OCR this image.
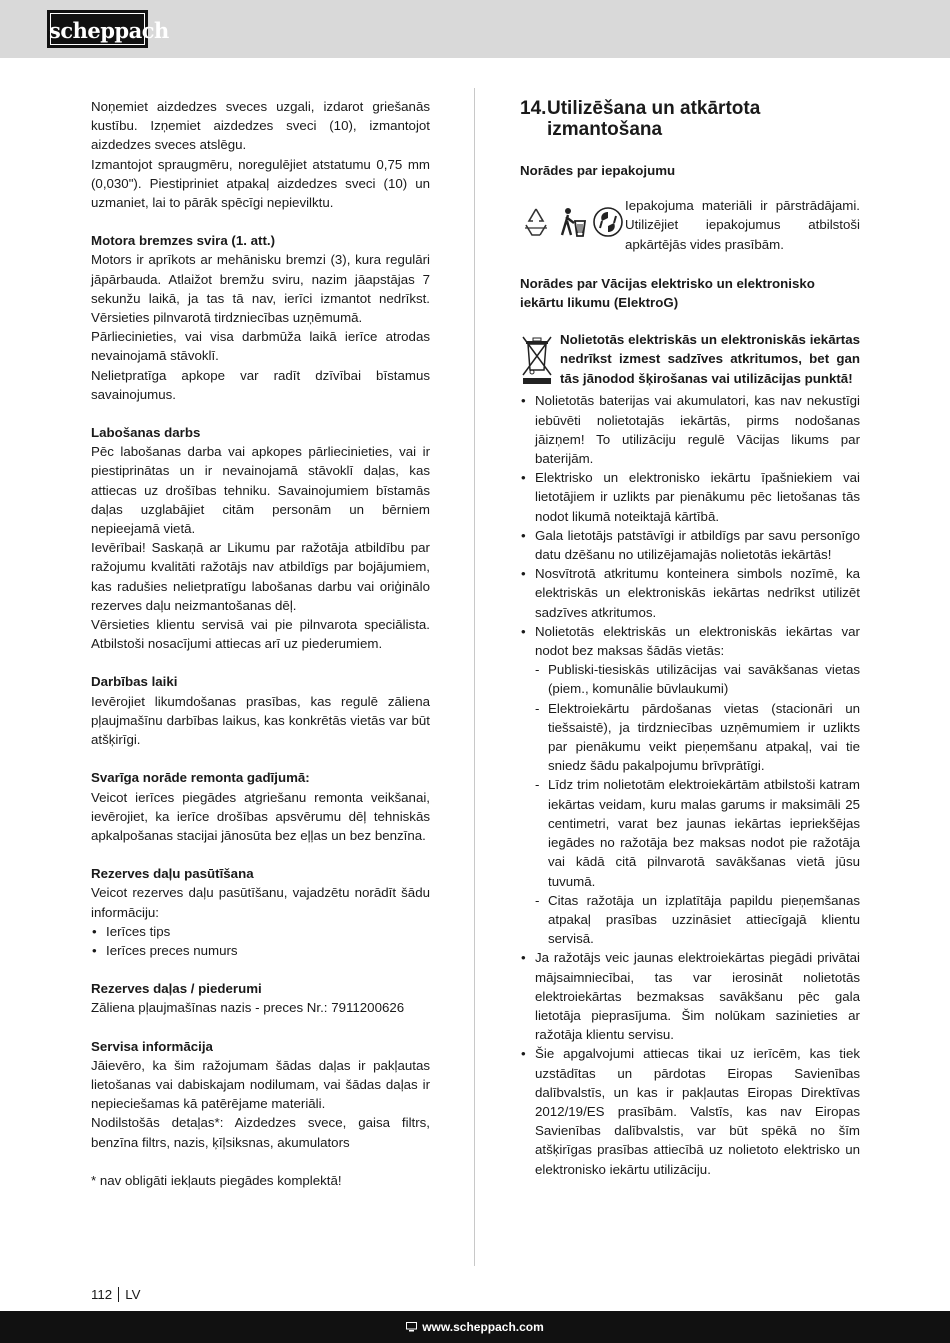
scheppach

Noņemiet aizdedzes sveces uzgali, izdarot griešanās kustību. Izņemiet aizdedzes sveci (10), izmantojot aizdedzes sveces atslēgu.

Izmantojot spraugmēru, noregulējiet atstatumu 0,75 mm (0,030"). Piestipriniet atpakaļ aizdedzes sveci (10) un uzmaniet, lai to pārāk spēcīgi nepievilktu.

Motora bremzes svira (1. att.)

Motors ir aprīkots ar mehānisku bremzi (3), kura regulāri jāpārbauda. Atlaižot bremžu sviru, nazim jāapstājas 7 sekunžu laikā, ja tas tā nav, ierīci izmantot nedrīkst. Vērsieties pilnvarotā tirdzniecības uzņēmumā.

Pārliecinieties, vai visa darbmūža laikā ierīce atrodas nevainojamā stāvoklī.

Nelietpratīga apkope var radīt dzīvībai bīstamus savainojumus.

Labošanas darbs

Pēc labošanas darba vai apkopes pārliecinieties, vai ir piestiprinātas un ir nevainojamā stāvoklī daļas, kas attiecas uz drošības tehniku. Savainojumiem bīstamās daļas uzglabājiet citām personām un bērniem nepieejamā vietā.

Ievērībai! Saskaņā ar Likumu par ražotāja atbildību par ražojumu kvalitāti ražotājs nav atbildīgs par bojājumiem, kas radušies nelietpratīgu labošanas darbu vai oriģinālo rezerves daļu neizmantošanas dēļ.

Vērsieties klientu servisā vai pie pilnvarota speciālista. Atbilstoši nosacījumi attiecas arī uz piederumiem.

Darbības laiki

Ievērojiet likumdošanas prasības, kas regulē zāliena pļaujmašīnu darbības laikus, kas konkrētās vietās var būt atšķirīgi.

Svarīga norāde remonta gadījumā:

Veicot ierīces piegādes atgriešanu remonta veikšanai, ievērojiet, ka ierīce drošības apsvērumu dēļ tehniskās apkalpošanas stacijai jānosūta bez eļļas un bez benzīna.

Rezerves daļu pasūtīšana

Veicot rezerves daļu pasūtīšanu, vajadzētu norādīt šādu informāciju:

• Ierīces tips
• Ierīces preces numurs
Rezerves daļas / piederumi

Zāliena pļaujmašīnas nazis - preces Nr.: 7911200626

Servisa informācija

Jāievēro, ka šim ražojumam šādas daļas ir pakļautas lietošanas vai dabiskajam nodilumam, vai šādas daļas ir nepieciešamas kā patērējame materiāli.

Nodilstošās detaļas*: Aizdedzes svece, gaisa filtrs, benzīna filtrs, nazis, ķīļsiksnas, akumulators

* nav obligāti iekļauts piegādes komplektā!

14. Utilizēšana un atkārtota izmantošana
Norādes par iepakojumu

Iepakojuma materiāli ir pārstrādājami. Utilizējiet iepakojumus atbilstoši apkārtējās vides prasībām.

Norādes par Vācijas elektrisko un elektronisko iekārtu likumu (ElektroG)

Nolietotās elektriskās un elektroniskās iekārtas nedrīkst izmest sadzīves atkritumos, bet gan tās jānodod šķirošanas vai utilizācijas punktā!

• Nolietotās baterijas vai akumulatori, kas nav nekustīgi iebūvēti nolietotajās iekārtās, pirms nodošanas jāizņem! To utilizāciju regulē Vācijas likums par baterijām.
• Elektrisko un elektronisko iekārtu īpašniekiem vai lietotājiem ir uzlikts par pienākumu pēc lietošanas tās nodot likumā noteiktajā kārtībā.
• Gala lietotājs patstāvīgi ir atbildīgs par savu personīgo datu dzēšanu no utilizējamajās nolietotās iekārtās!
• Nosvītrotā atkritumu konteinera simbols nozīmē, ka elektriskās un elektroniskās iekārtas nedrīkst utilizēt sadzīves atkritumos.
• Nolietotās elektriskās un elektroniskās iekārtas var nodot bez maksas šādās vietās:
- Publiski-tiesiskās utilizācijas vai savākšanas vietas (piem., komunālie būvlaukumi)
- Elektroiekārtu pārdošanas vietas (stacionāri un tiešsaistē), ja tirdzniecības uzņēmumiem ir uzlikts par pienākumu veikt pieņemšanu atpakaļ, vai tie sniedz šādu pakalpojumu brīvprātīgi.
- Līdz trim nolietotām elektroiekārtām atbilstoši katram iekārtas veidam, kuru malas garums ir maksimāli 25 centimetri, varat bez jaunas iekārtas iepriekšējas iegādes no ražotāja bez maksas nodot pie ražotāja vai kādā citā pilnvarotā savākšanas vietā jūsu tuvumā.
- Citas ražotāja un izplatītāja papildu pieņemšanas atpakaļ prasības uzzināsiet attiecīgajā klientu servisā.
• Ja ražotājs veic jaunas elektroiekārtas piegādi privātai mājsaimniecībai, tas var ierosināt nolietotās elektroiekārtas bezmaksas savākšanu pēc gala lietotāja pieprasījuma. Šim nolūkam sazinieties ar ražotāja klientu servisu.
• Šie apgalvojumi attiecas tikai uz ierīcēm, kas tiek uzstādītas un pārdotas Eiropas Savienības dalībvalstīs, un kas ir pakļautas Eiropas Direktīvas 2012/19/ES prasībām. Valstīs, kas nav Eiropas Savienības dalībvalstis, var būt spēkā no šīm atšķirīgas prasības attiecībā uz nolietoto elektrisko un elektronisko iekārtu utilizāciju.
112 LV
www.scheppach.com
